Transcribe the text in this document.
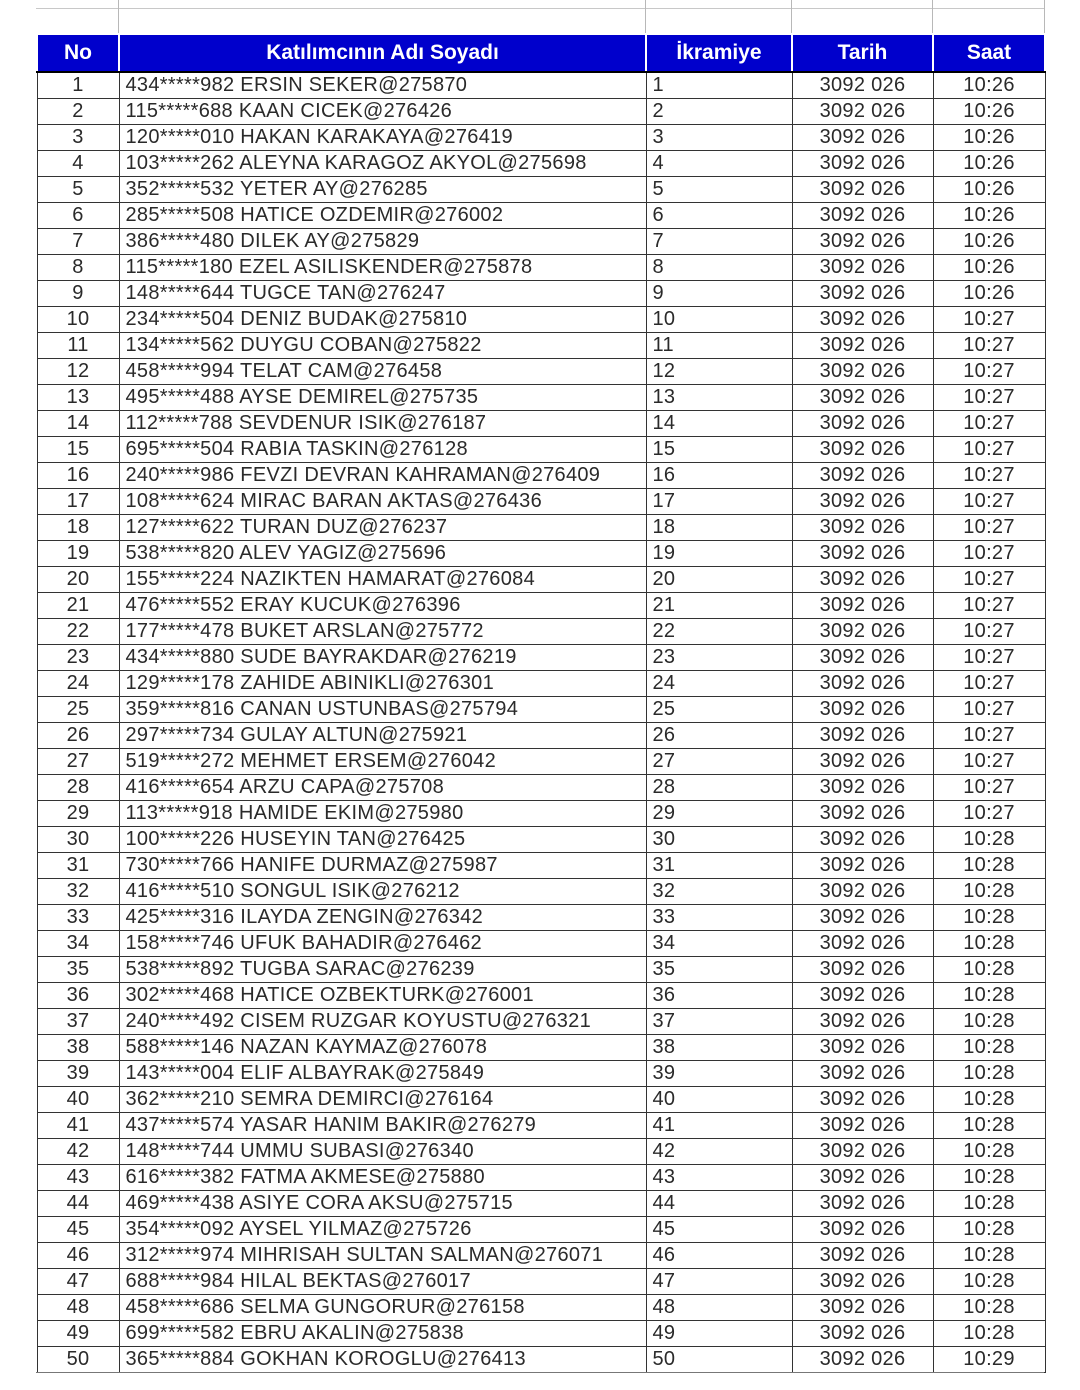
No	Katılımcının Adı Soyadı	İkramiye	Tarih	Saat
1	434*****982 ERSIN SEKER@275870	1	3092 026	10:26
2	115*****688 KAAN CICEK@276426	2	3092 026	10:26
3	120*****010 HAKAN KARAKAYA@276419	3	3092 026	10:26
4	103*****262 ALEYNA KARAGOZ AKYOL@275698	4	3092 026	10:26
5	352*****532 YETER AY@276285	5	3092 026	10:26
6	285*****508 HATICE OZDEMIR@276002	6	3092 026	10:26
7	386*****480 DILEK AY@275829	7	3092 026	10:26
8	115*****180 EZEL ASILISKENDER@275878	8	3092 026	10:26
9	148*****644 TUGCE TAN@276247	9	3092 026	10:26
10	234*****504 DENIZ BUDAK@275810	10	3092 026	10:27
11	134*****562 DUYGU COBAN@275822	11	3092 026	10:27
12	458*****994 TELAT CAM@276458	12	3092 026	10:27
13	495*****488 AYSE DEMIREL@275735	13	3092 026	10:27
14	112*****788 SEVDENUR ISIK@276187	14	3092 026	10:27
15	695*****504 RABIA TASKIN@276128	15	3092 026	10:27
16	240*****986 FEVZI DEVRAN KAHRAMAN@276409	16	3092 026	10:27
17	108*****624 MIRAC BARAN AKTAS@276436	17	3092 026	10:27
18	127*****622 TURAN DUZ@276237	18	3092 026	10:27
19	538*****820 ALEV YAGIZ@275696	19	3092 026	10:27
20	155*****224 NAZIKTEN HAMARAT@276084	20	3092 026	10:27
21	476*****552 ERAY KUCUK@276396	21	3092 026	10:27
22	177*****478 BUKET ARSLAN@275772	22	3092 026	10:27
23	434*****880 SUDE BAYRAKDAR@276219	23	3092 026	10:27
24	129*****178 ZAHIDE ABINIKLI@276301	24	3092 026	10:27
25	359*****816 CANAN USTUNBAS@275794	25	3092 026	10:27
26	297*****734 GULAY ALTUN@275921	26	3092 026	10:27
27	519*****272 MEHMET ERSEM@276042	27	3092 026	10:27
28	416*****654 ARZU CAPA@275708	28	3092 026	10:27
29	113*****918 HAMIDE EKIM@275980	29	3092 026	10:27
30	100*****226 HUSEYIN TAN@276425	30	3092 026	10:28
31	730*****766 HANIFE DURMAZ@275987	31	3092 026	10:28
32	416*****510 SONGUL ISIK@276212	32	3092 026	10:28
33	425*****316 ILAYDA ZENGIN@276342	33	3092 026	10:28
34	158*****746 UFUK BAHADIR@276462	34	3092 026	10:28
35	538*****892 TUGBA SARAC@276239	35	3092 026	10:28
36	302*****468 HATICE OZBEKTURK@276001	36	3092 026	10:28
37	240*****492 CISEM RUZGAR KOYUSTU@276321	37	3092 026	10:28
38	588*****146 NAZAN KAYMAZ@276078	38	3092 026	10:28
39	143*****004 ELIF ALBAYRAK@275849	39	3092 026	10:28
40	362*****210 SEMRA DEMIRCI@276164	40	3092 026	10:28
41	437*****574 YASAR HANIM BAKIR@276279	41	3092 026	10:28
42	148*****744 UMMU SUBASI@276340	42	3092 026	10:28
43	616*****382 FATMA AKMESE@275880	43	3092 026	10:28
44	469*****438 ASIYE CORA AKSU@275715	44	3092 026	10:28
45	354*****092 AYSEL YILMAZ@275726	45	3092 026	10:28
46	312*****974 MIHRISAH SULTAN SALMAN@276071	46	3092 026	10:28
47	688*****984 HILAL BEKTAS@276017	47	3092 026	10:28
48	458*****686 SELMA GUNGORUR@276158	48	3092 026	10:28
49	699*****582 EBRU AKALIN@275838	49	3092 026	10:28
50	365*****884 GOKHAN KOROGLU@276413	50	3092 026	10:29
